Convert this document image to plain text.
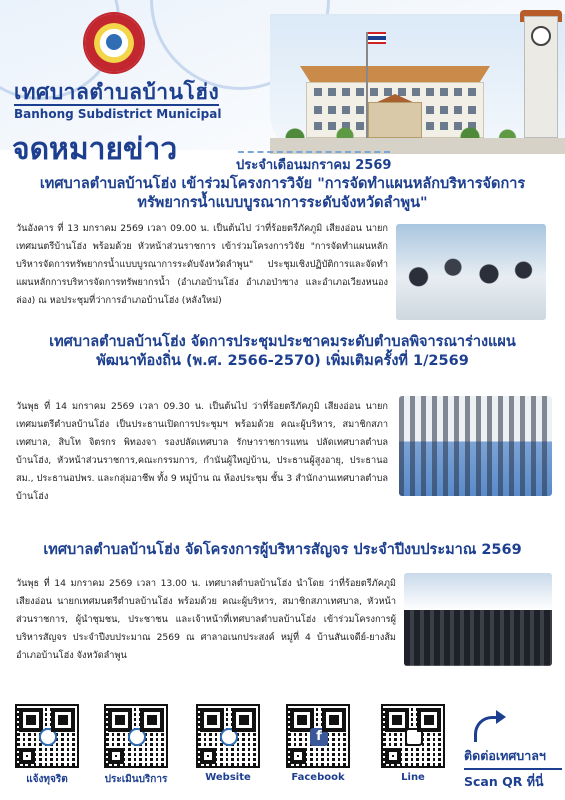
เทศบาลตำบลบ้านโฮ่ง
Banhong Subdistrict Municipal
จดหมายข่าว	ประจำเดือนมกราคม 2569
เทศบาลตำบลบ้านโฮ่ง เข้าร่วมโครงการวิจัย "การจัดทำแผนหลักบริหารจัดการ
ทรัพยากรน้ำแบบบูรณาการระดับจังหวัดลำพูน"
วันอังคาร ที่ 13 มกราคม 2569 เวลา 09.00 น. เป็นต้นไป ว่าที่ร้อยตรีภัคภูมิ เสียงอ่อน นายกเทศมนตรีบ้านโฮ่ง พร้อมด้วย หัวหน้าส่วนราชการ เข้าร่วมโครงการวิจัย "การจัดทำแผนหลักบริหารจัดการทรัพยากรน้ำแบบบูรณาการระดับจังหวัดลำพูน" ประชุมเชิงปฏิบัติการและจัดทำแผนหลักการบริหารจัดการทรัพยากรน้ำ (อำเภอบ้านโฮ่ง อำเภอป่าซาง และอำเภอเวียงหนองล่อง) ณ หอประชุมที่ว่าการอำเภอบ้านโฮ่ง (หลังใหม่)
เทศบาลตำบลบ้านโฮ่ง จัดการประชุมประชาคมระดับตำบลพิจารณาร่างแผน
พัฒนาท้องถิ่น (พ.ศ. 2566-2570) เพิ่มเติมครั้งที่ 1/2569
วันพุธ ที่ 14 มกราคม 2569 เวลา 09.30 น. เป็นต้นไป ว่าที่ร้อยตรีภัคภูมิ เสียงอ่อน นายกเทศมนตรีตำบลบ้านโฮ่ง เป็นประธานเปิดการประชุมฯ พร้อมด้วย คณะผู้บริหาร, สมาชิกสภาเทศบาล, สิบโท จิตรกร พิทองจา รองปลัดเทศบาล รักษาราชการแทน ปลัดเทศบาลตำบลบ้านโฮ่ง, หัวหน้าส่วนราชการ,คณะกรรมการ, กำนันผู้ใหญ่บ้าน, ประธานผู้สูงอายุ, ประธานอสม., ประธานอปพร. และกลุ่มอาชีพ ทั้ง 9 หมู่บ้าน ณ ห้องประชุม ชั้น 3 สำนักงานเทศบาลตำบลบ้านโฮ่ง
เทศบาลตำบลบ้านโฮ่ง จัดโครงการผู้บริหารสัญจร ประจำปีงบประมาณ 2569
วันพุธ ที่ 14 มกราคม 2569 เวลา 13.00 น. เทศบาลตำบลบ้านโฮ่ง นำโดย ว่าที่ร้อยตรีภัคภูมิ เสียงอ่อน นายกเทศมนตรีตำบลบ้านโฮ่ง พร้อมด้วย คณะผู้บริหาร, สมาชิกสภาเทศบาล, หัวหน้าส่วนราชการ, ผู้นำชุมชน, ประชาชน และเจ้าหน้าที่เทศบาลตำบลบ้านโฮ่ง เข้าร่วมโครงการผู้บริหารสัญจร ประจำปีงบประมาณ 2569 ณ ศาลาอเนกประสงค์ หมู่ที่ 4 บ้านสันเจดีย์-ยางส้ม อำเภอบ้านโฮ่ง จังหวัดลำพูน
แจ้งทุจริต	ประเมินบริการ	Website
f
Facebook	Line
ติดต่อเทศบาลฯ
Scan QR ที่นี่
